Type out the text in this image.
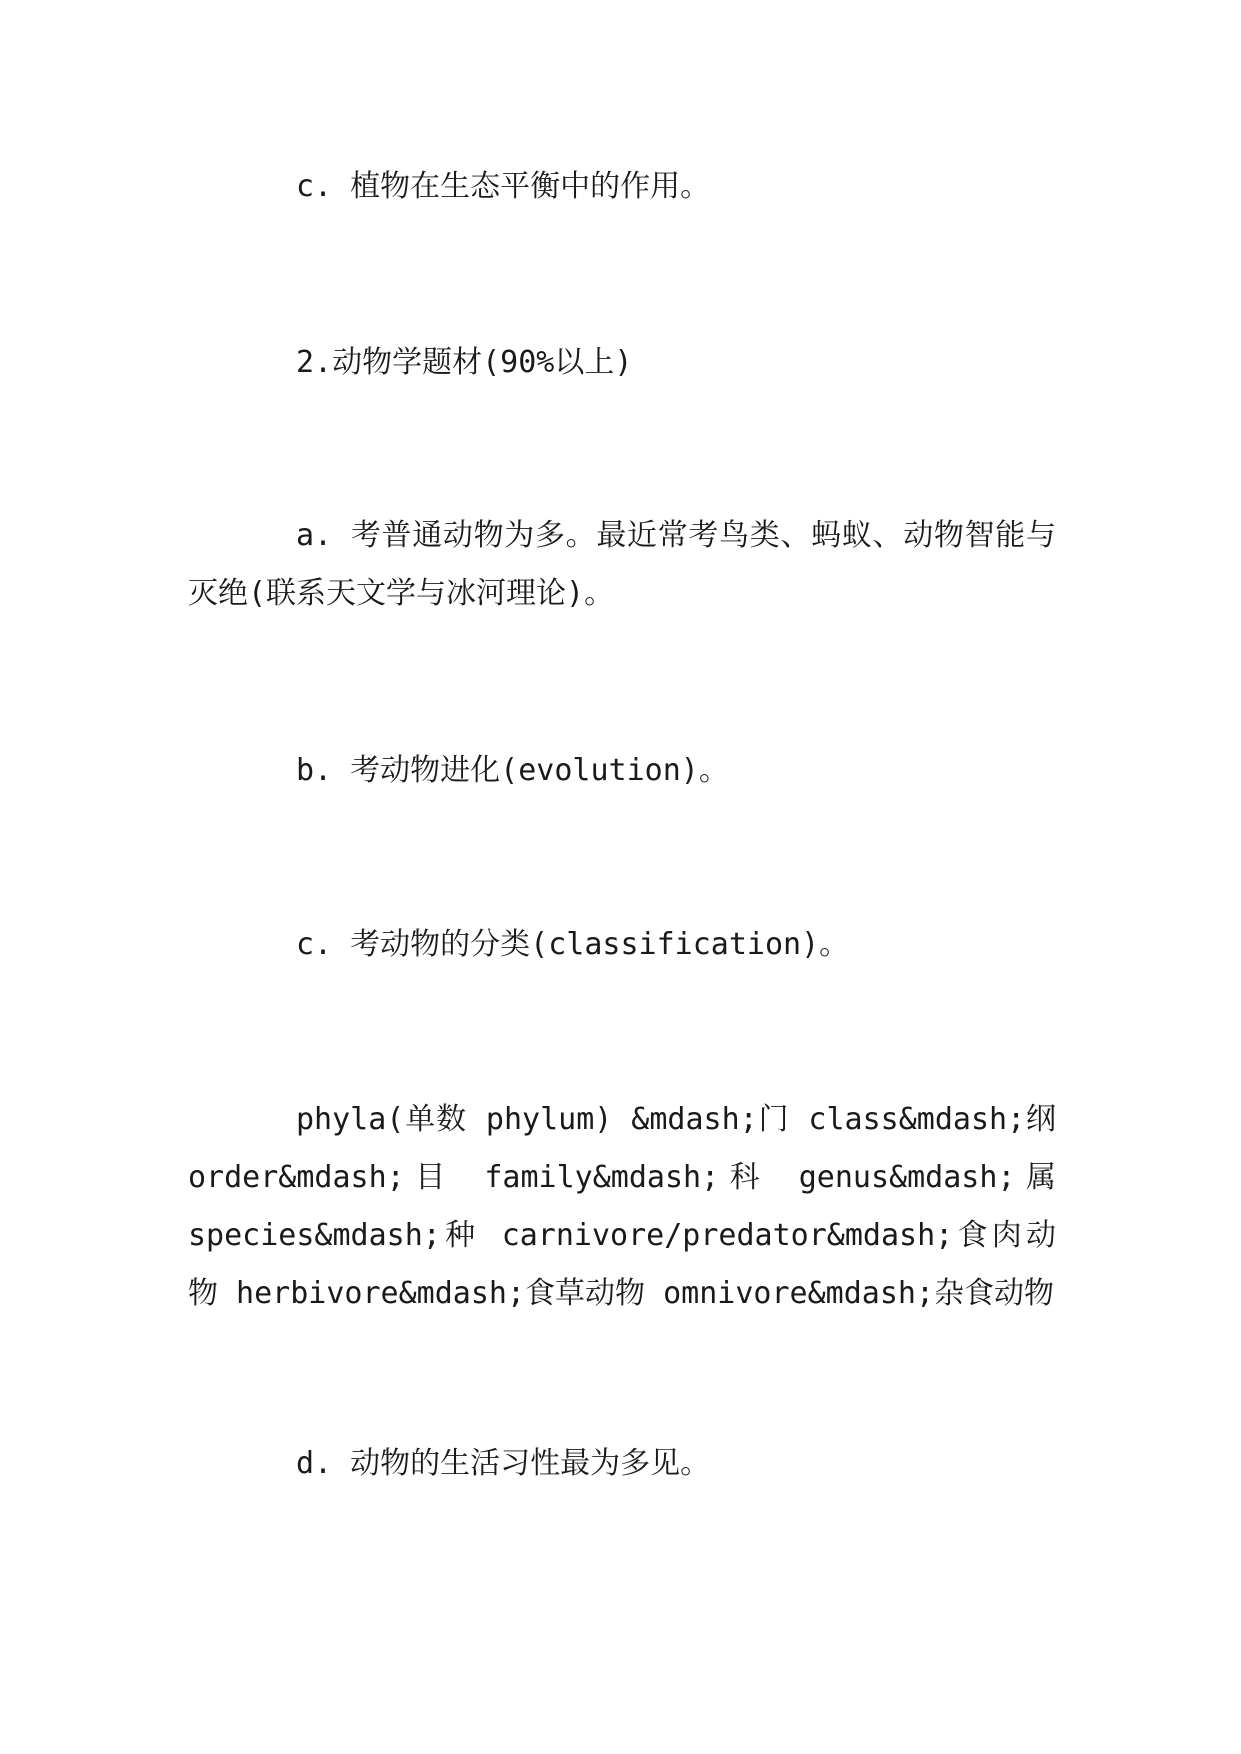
c. 植物在生态平衡中的作用。

2.动物学题材(90%以上)

a. 考普通动物为多。最近常考鸟类、蚂蚁、动物智能与灭绝(联系天文学与冰河理论)。

b. 考动物进化(evolution)。

c. 考动物的分类(classification)。

phyla(单数 phylum) &mdash;门 class&mdash;纲 order&mdash;目 family&mdash;科 genus&mdash;属 species&mdash;种 carnivore/predator&mdash;食肉动物 herbivore&mdash;食草动物 omnivore&mdash;杂食动物

d. 动物的生活习性最为多见。
